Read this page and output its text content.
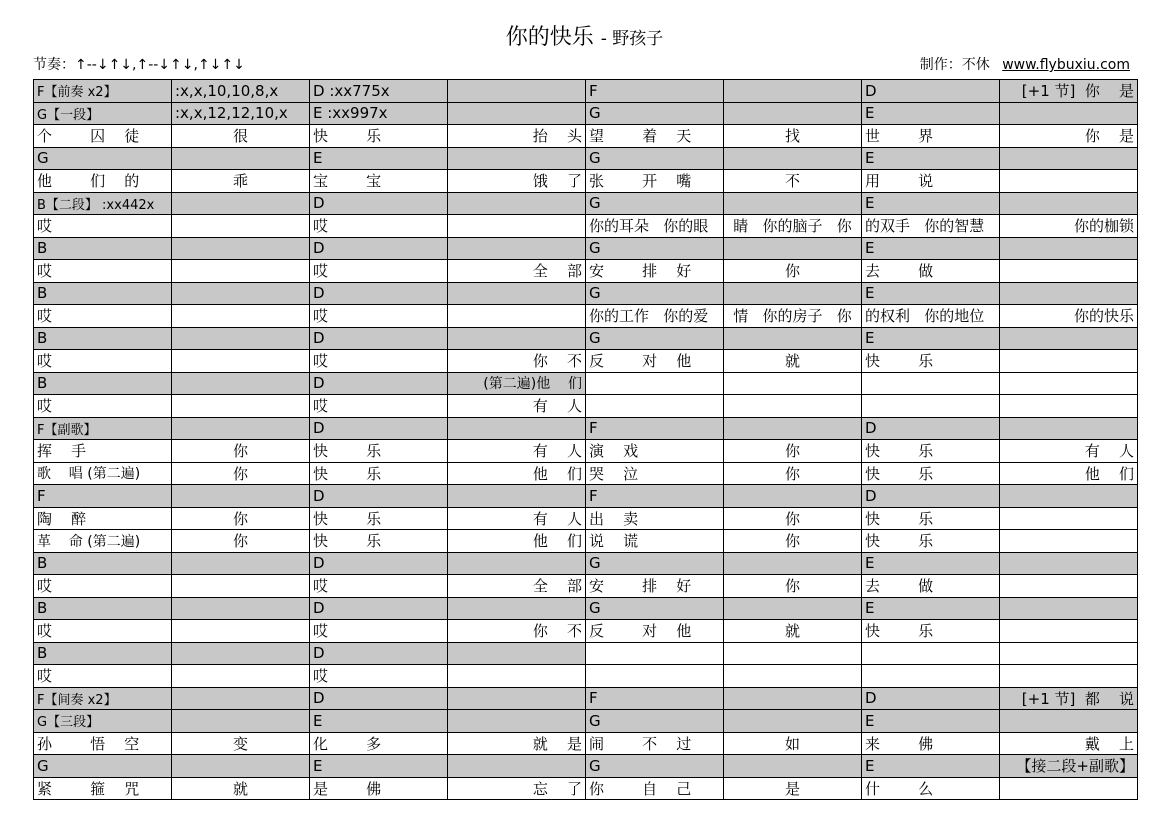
你的快乐 - 野孩子
节奏：↑--↓↑↓,↑--↓↑↓,↑↓↑↓	制作：不休 www.flybuxiu.com
F【前奏 x2】	:x,x,10,10,8,x	D :xx775x		F		D	[+1 节]  你    是
G【一段】	:x,x,12,12,10,x	E :xx997x		G		E	
个        囚    徒	很	快        乐	抬    头	望        着    天	找	世        界	你    是
G		E		G		E	
他        们    的	乖	宝        宝	饿    了	张        开    嘴	不	用        说	
B【二段】 :xx442x		D		G		E	
哎		哎		你的耳朵   你的眼	睛   你的脑子   你	的双手   你的智慧	你的枷锁
B		D		G		E	
哎		哎	全    部	安        排    好	你	去        做	
B		D		G		E	
哎		哎		你的工作   你的爱	情   你的房子   你	的权利   你的地位	你的快乐
B		D		G		E	
哎		哎	你    不	反        对    他	就	快        乐	
B		D	(第二遍)他    们				
哎		哎	有    人				
F【副歌】		D		F		D	
挥    手	你	快        乐	有    人	演    戏	你	快        乐	有    人
歌    唱 (第二遍)	你	快        乐	他    们	哭    泣	你	快        乐	他    们
F		D		F		D	
陶    醉	你	快        乐	有    人	出    卖	你	快        乐	
革    命 (第二遍)	你	快        乐	他    们	说    谎	你	快        乐	
B		D		G		E	
哎		哎	全    部	安        排    好	你	去        做	
B		D		G		E	
哎		哎	你    不	反        对    他	就	快        乐	
B		D					
哎		哎					
F【间奏 x2】		D		F		D	[+1 节]  都    说
G【三段】		E		G		E	
孙        悟    空	变	化        多	就    是	闹        不    过	如	来        佛	戴    上
G		E		G		E	【接二段+副歌】
紧        箍    咒	就	是        佛	忘    了	你        自    己	是	什        么	
